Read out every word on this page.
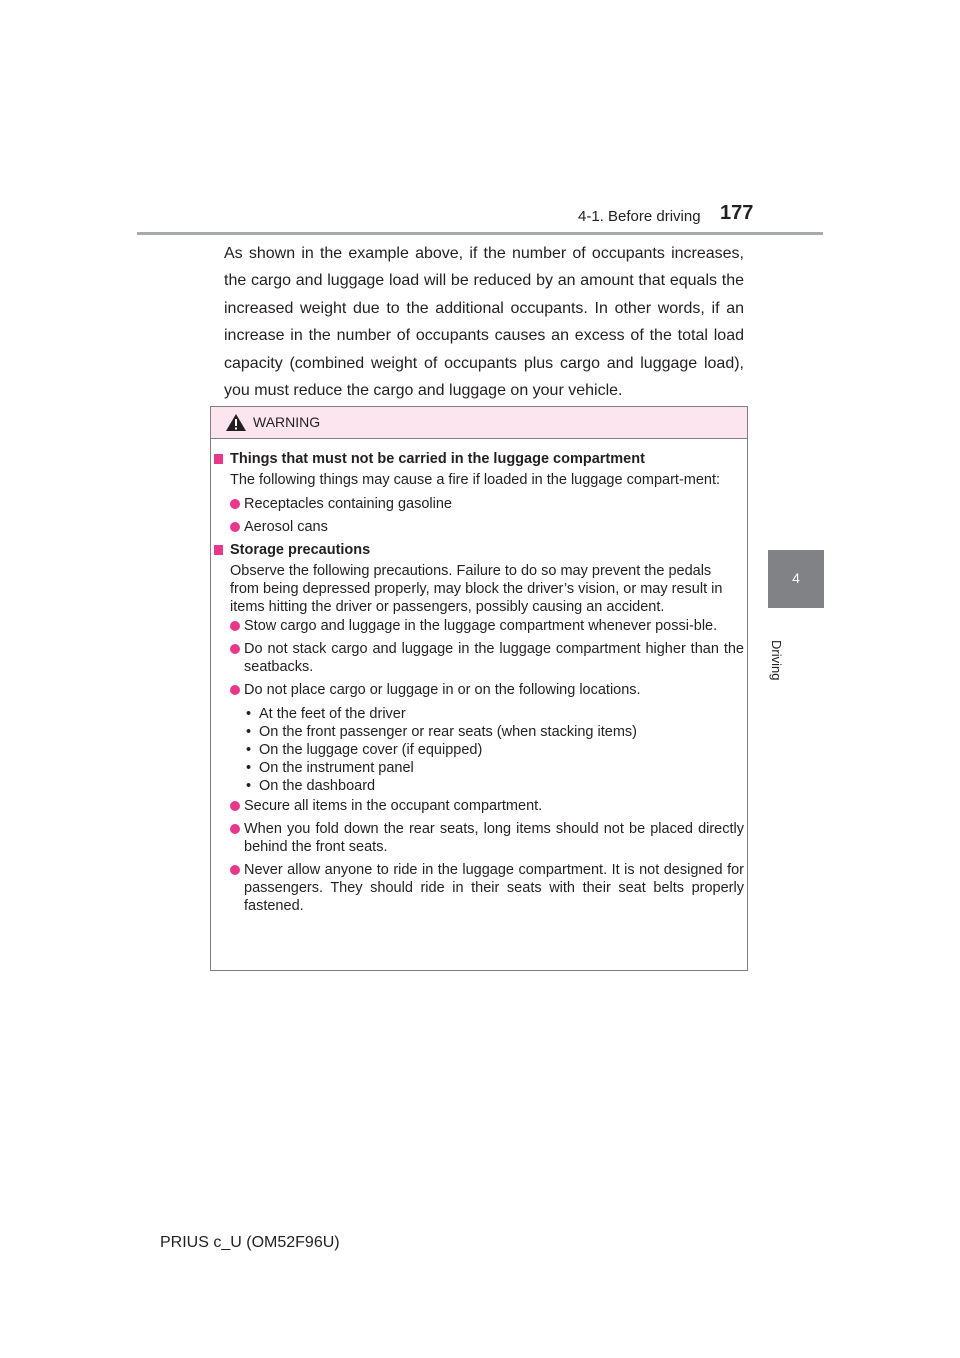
4-1. Before driving 177
4
Driving

As shown in the example above, if the number of occupants increases, the cargo and luggage load will be reduced by an amount that equals the increased weight due to the additional occupants. In other words, if an increase in the number of occupants causes an excess of the total load capacity (combined weight of occupants plus cargo and luggage load), you must reduce the cargo and luggage on your vehicle.

WARNING
Things that must not be carried in the luggage compartment
The following things may cause a fire if loaded in the luggage compart-ment:
Receptacles containing gasoline
Aerosol cans
Storage precautions
Observe the following precautions. Failure to do so may prevent the pedals from being depressed properly, may block the driver’s vision, or may result in items hitting the driver or passengers, possibly causing an accident.
Stow cargo and luggage in the luggage compartment whenever possi-ble.
Do not stack cargo and luggage in the luggage compartment higher than the seatbacks.
Do not place cargo or luggage in or on the following locations.
• At the feet of the driver
• On the front passenger or rear seats (when stacking items)
• On the luggage cover (if equipped)
• On the instrument panel
• On the dashboard
Secure all items in the occupant compartment.
When you fold down the rear seats, long items should not be placed directly behind the front seats.
Never allow anyone to ride in the luggage compartment. It is not designed for passengers. They should ride in their seats with their seat belts properly fastened.
PRIUS c_U (OM52F96U)
